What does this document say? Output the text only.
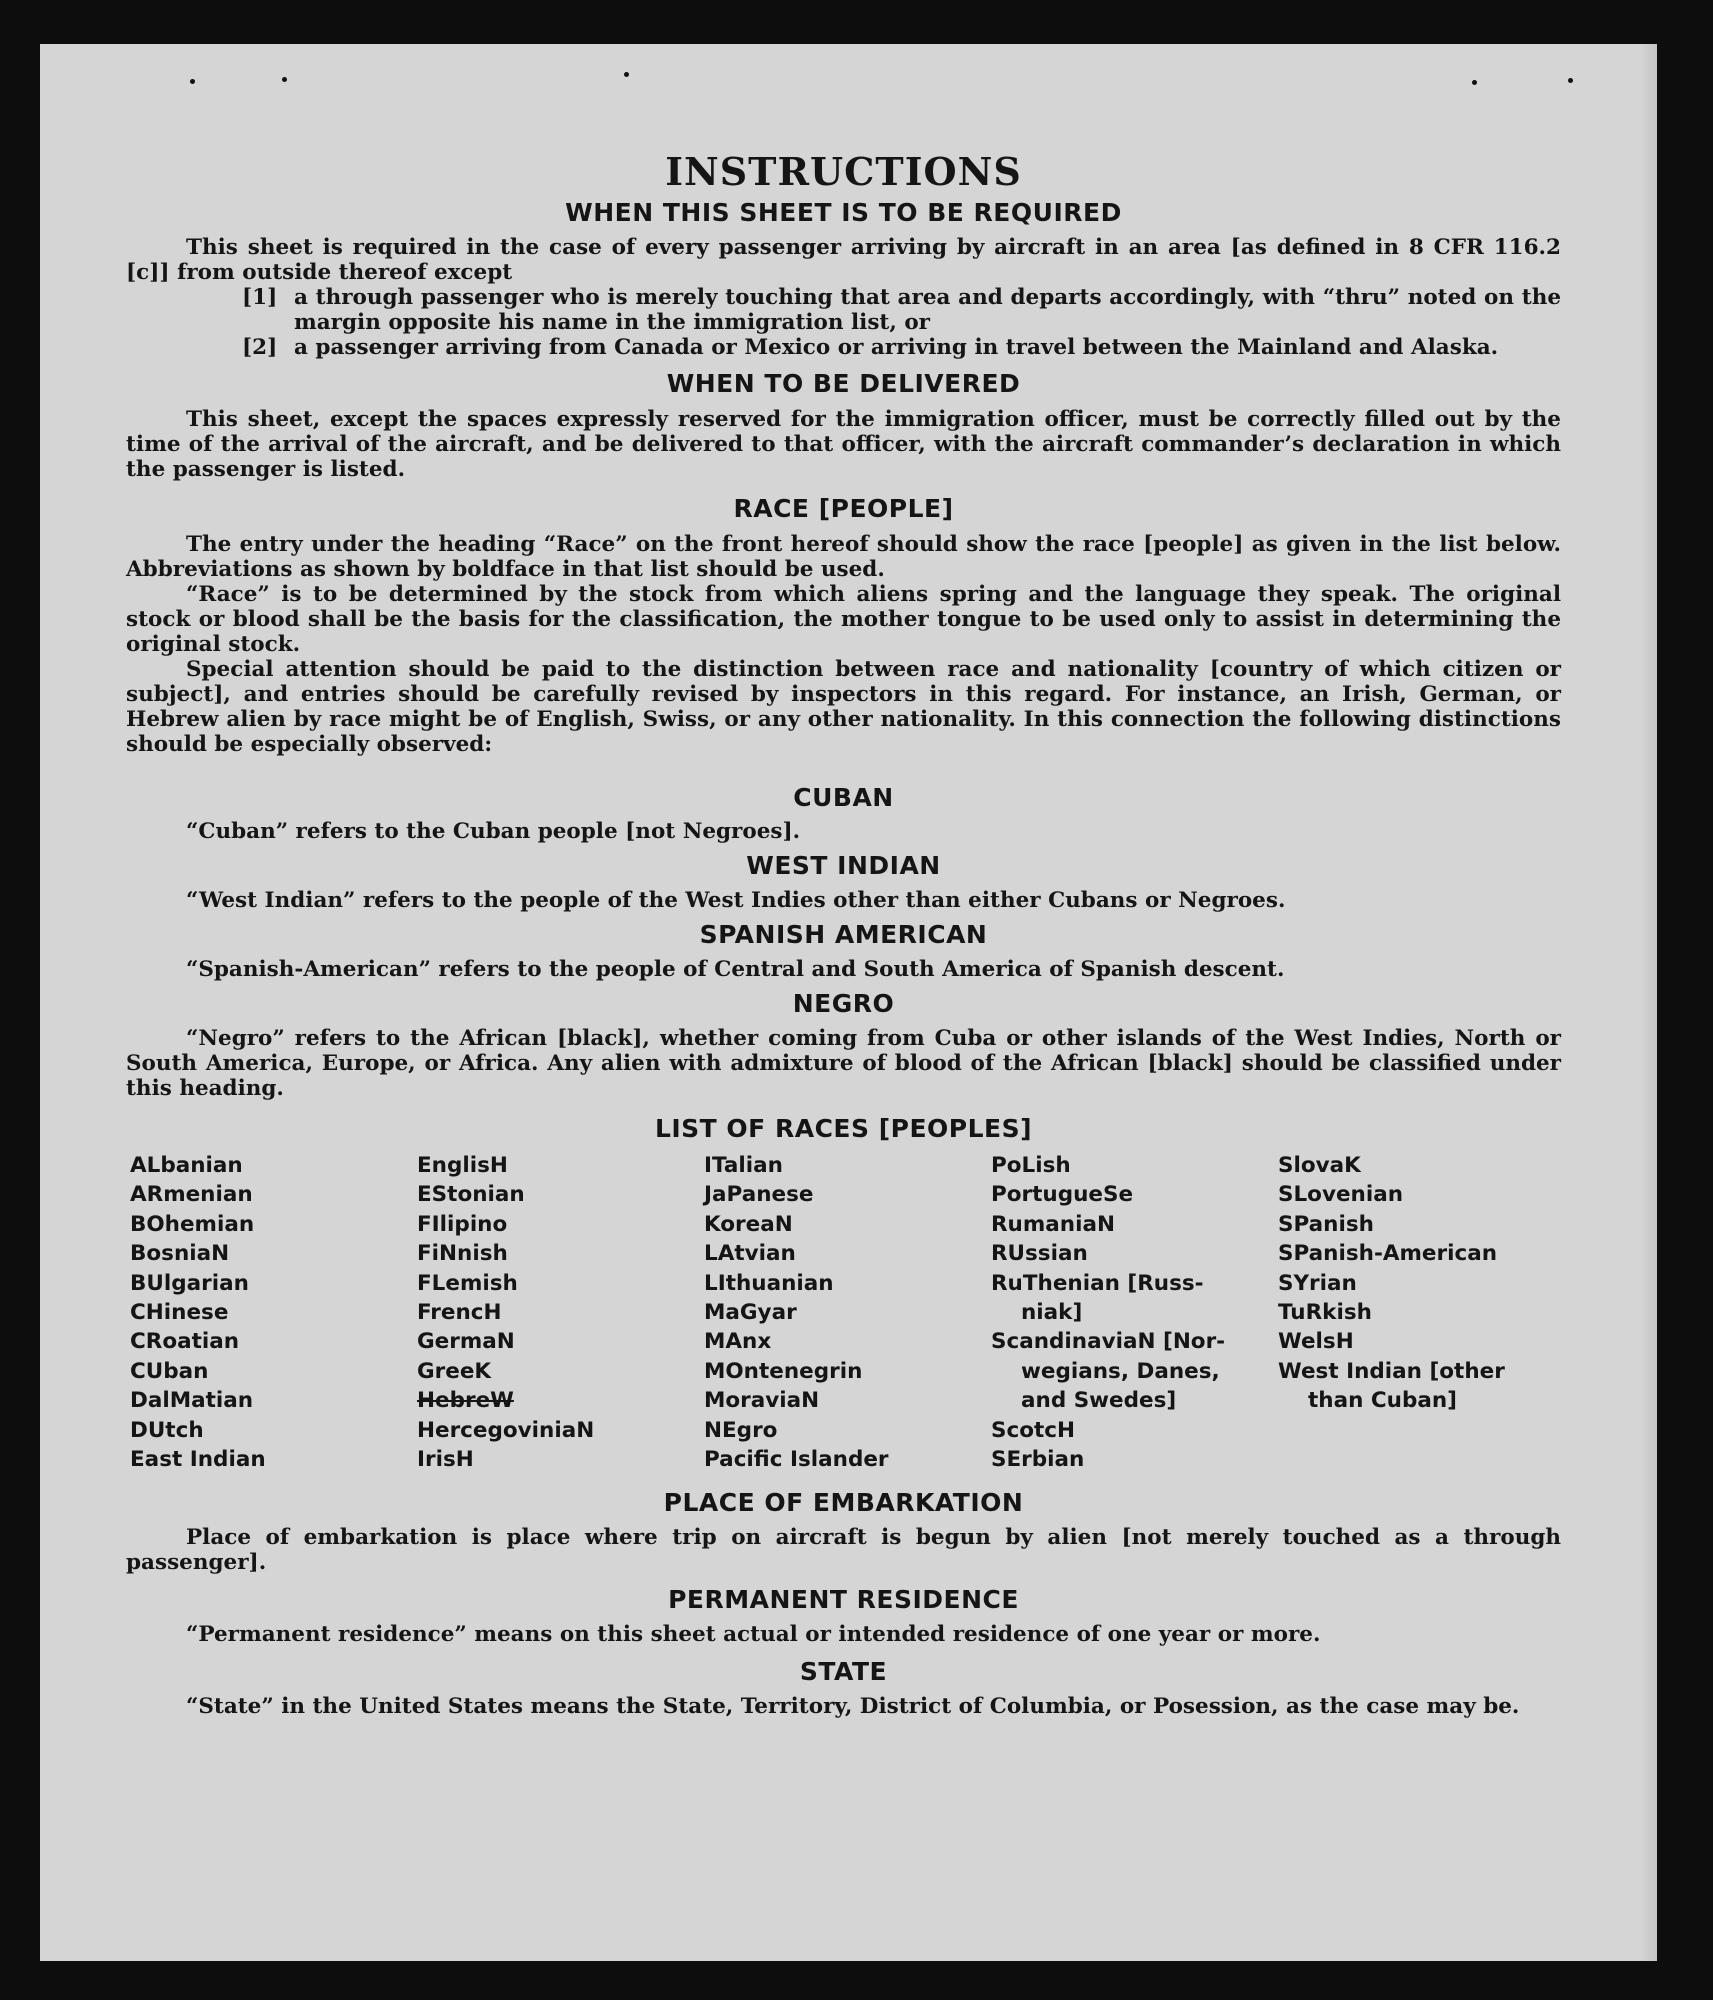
INSTRUCTIONS
WHEN THIS SHEET IS TO BE REQUIRED

This sheet is required in the case of every passenger arriving by aircraft in an area [as defined in 8 CFR 116.2 [c]] from outside thereof except

[1] a through passenger who is merely touching that area and departs accordingly, with “thru” noted on the margin opposite his name in the immigration list, or
[2] a passenger arriving from Canada or Mexico or arriving in travel between the Mainland and Alaska.
WHEN TO BE DELIVERED

This sheet, except the spaces expressly reserved for the immigration officer, must be correctly filled out by the time of the arrival of the aircraft, and be delivered to that officer, with the aircraft commander’s declaration in which the passenger is listed.

RACE [PEOPLE]

The entry under the heading “Race” on the front hereof should show the race [people] as given in the list below. Abbreviations as shown by boldface in that list should be used.

“Race” is to be determined by the stock from which aliens spring and the language they speak. The original stock or blood shall be the basis for the classification, the mother tongue to be used only to assist in determining the original stock.

Special attention should be paid to the distinction between race and nationality [country of which citizen or subject], and entries should be carefully revised by inspectors in this regard. For instance, an Irish, German, or Hebrew alien by race might be of English, Swiss, or any other nationality. In this connection the following distinctions should be especially observed:

CUBAN

“Cuban” refers to the Cuban people [not Negroes].

WEST INDIAN

“West Indian” refers to the people of the West Indies other than either Cubans or Negroes.

SPANISH AMERICAN

“Spanish-American” refers to the people of Central and South America of Spanish descent.

NEGRO

“Negro” refers to the African [black], whether coming from Cuba or other islands of the West Indies, North or South America, Europe, or Africa. Any alien with admixture of blood of the African [black] should be classified under this heading.

LIST OF RACES [PEOPLES]
ALbanian
ARmenian
BOhemian
BosniaN
BUlgarian
CHinese
CRoatian
CUban
DalMatian
DUtch
East Indian
EnglisH
EStonian
FIlipino
FiNnish
FLemish
FrencH
GermaN
GreeK
HebreW
HercegoviniaN
IrisH
ITalian
JaPanese
KoreaN
LAtvian
LIthuanian
MaGyar
MAnx
MOntenegrin
MoraviaN
NEgro
Pacific Islander
PoLish
PortugueSe
RumaniaN
RUssian
RuThenian [Russ-
niak]
ScandinaviaN [Nor-
wegians, Danes,
and Swedes]
ScotcH
SErbian
SlovaK
SLovenian
SPanish
SPanish-American
SYrian
TuRkish
WelsH
West Indian [other
than Cuban]
PLACE OF EMBARKATION

Place of embarkation is place where trip on aircraft is begun by alien [not merely touched as a through passenger].

PERMANENT RESIDENCE

“Permanent residence” means on this sheet actual or intended residence of one year or more.

STATE

“State” in the United States means the State, Territory, District of Columbia, or Posession, as the case may be.
